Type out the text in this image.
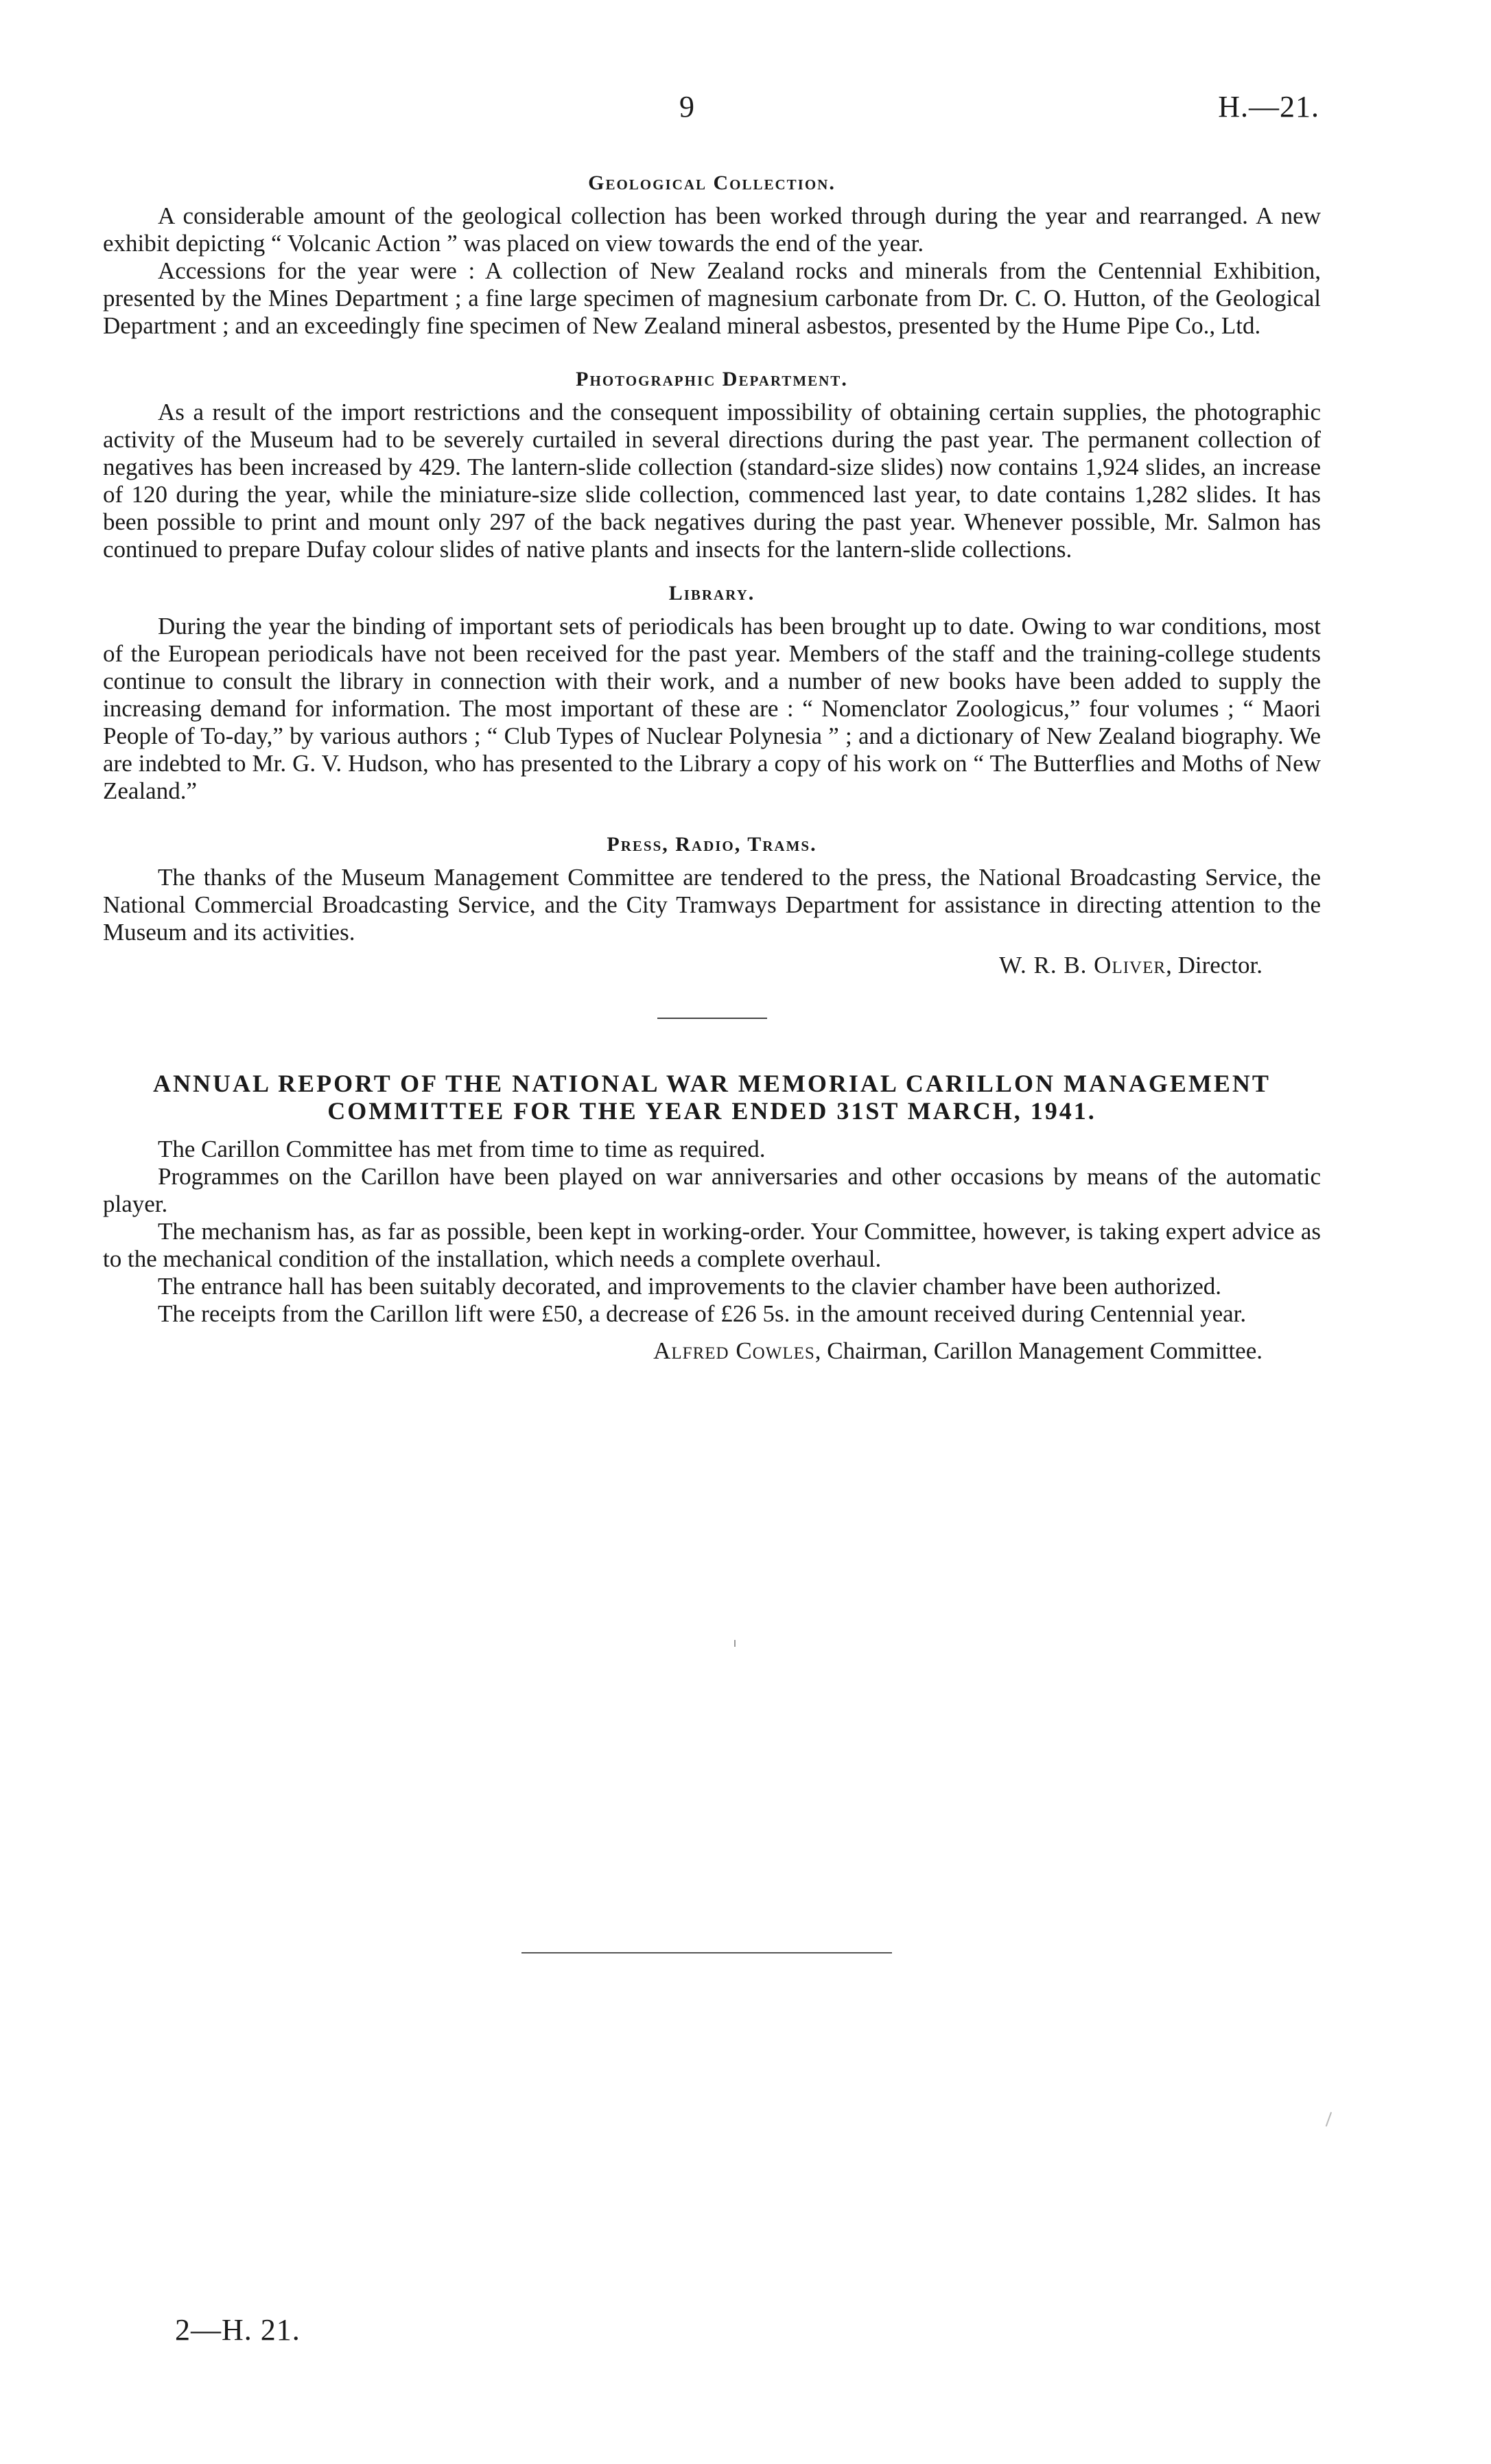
9	H.—21.
Geological Collection.

A considerable amount of the geological collection has been worked through during the year and rearranged. A new exhibit depicting “ Volcanic Action ” was placed on view towards the end of the year.

Accessions for the year were : A collection of New Zealand rocks and minerals from the Centennial Exhibition, presented by the Mines Department ; a fine large specimen of magnesium carbonate from Dr. C. O. Hutton, of the Geological Department ; and an exceedingly fine specimen of New Zealand mineral asbestos, presented by the Hume Pipe Co., Ltd.

Photographic Department.

As a result of the import restrictions and the consequent impossibility of obtaining certain supplies, the photographic activity of the Museum had to be severely curtailed in several directions during the past year. The permanent collection of negatives has been increased by 429. The lantern-slide collection (standard-size slides) now contains 1,924 slides, an increase of 120 during the year, while the miniature-size slide collection, commenced last year, to date contains 1,282 slides. It has been possible to print and mount only 297 of the back negatives during the past year. Whenever possible, Mr. Salmon has continued to prepare Dufay colour slides of native plants and insects for the lantern-slide collections.

Library.

During the year the binding of important sets of periodicals has been brought up to date. Owing to war conditions, most of the European periodicals have not been received for the past year. Members of the staff and the training-college students continue to consult the library in connection with their work, and a number of new books have been added to supply the increasing demand for information. The most important of these are : “ Nomenclator Zoologicus,” four volumes ; “ Maori People of To-day,” by various authors ; “ Club Types of Nuclear Polynesia ” ; and a dictionary of New Zealand biography. We are indebted to Mr. G. V. Hudson, who has presented to the Library a copy of his work on “ The Butterflies and Moths of New Zealand.”

Press, Radio, Trams.

The thanks of the Museum Management Committee are tendered to the press, the National Broadcasting Service, the National Commercial Broadcasting Service, and the City Tramways Department for assistance in directing attention to the Museum and its activities.

W. R. B. Oliver, Director.
ANNUAL REPORT OF THE NATIONAL WAR MEMORIAL CARILLON MANAGEMENT
COMMITTEE FOR THE YEAR ENDED 31ST MARCH, 1941.

The Carillon Committee has met from time to time as required.

Programmes on the Carillon have been played on war anniversaries and other occasions by means of the automatic player.

The mechanism has, as far as possible, been kept in working-order. Your Committee, however, is taking expert advice as to the mechanical condition of the installation, which needs a complete overhaul.

The entrance hall has been suitably decorated, and improvements to the clavier chamber have been authorized.

The receipts from the Carillon lift were £50, a decrease of £26 5s. in the amount received during Centennial year.

Alfred Cowles, Chairman, Carillon Management Committee.
2—H. 21.
